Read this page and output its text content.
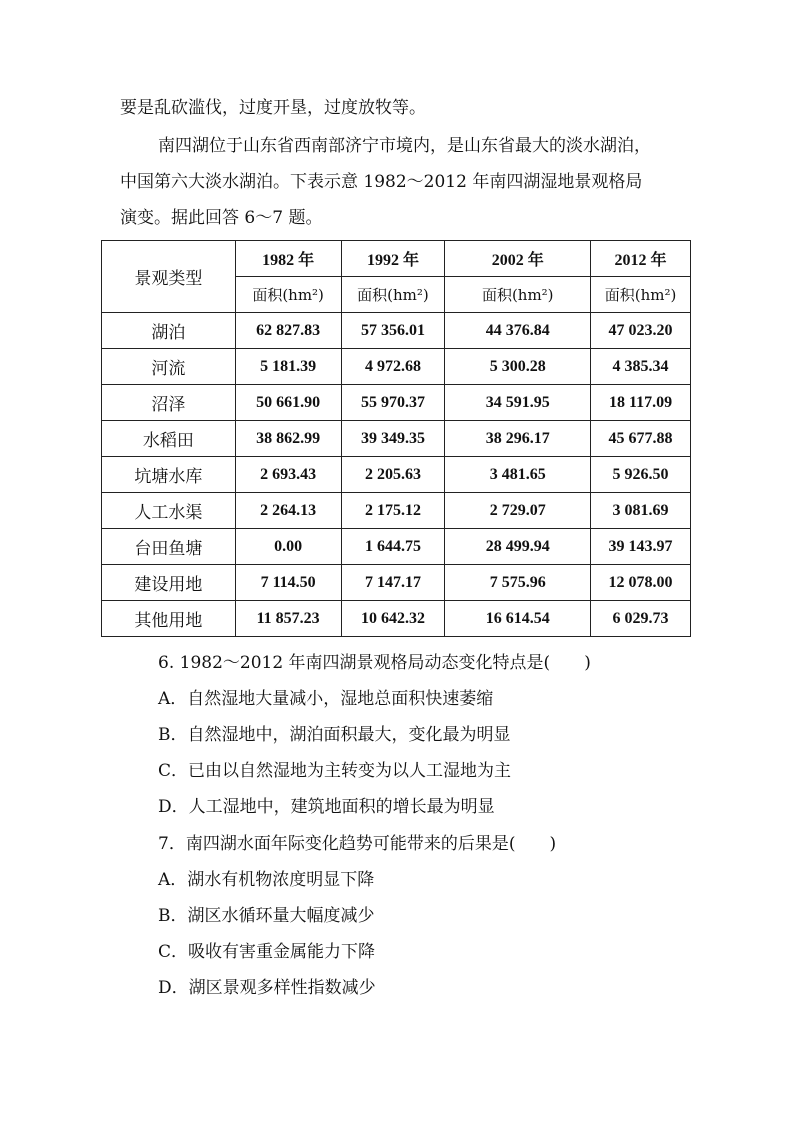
要是乱砍滥伐，过度开垦，过度放牧等。
南四湖位于山东省西南部济宁市境内，是山东省最大的淡水湖泊，
中国第六大淡水湖泊。下表示意 1982～2012 年南四湖湿地景观格局
演变。据此回答 6～7 题。
景观类型	1982 年	1992 年	2002 年	2012 年
	面积(hm²)	面积(hm²)	面积(hm²)	面积(hm²)
湖泊	62 827.83	57 356.01	44 376.84	47 023.20
河流	5 181.39	4 972.68	5 300.28	4 385.34
沼泽	50 661.90	55 970.37	34 591.95	18 117.09
水稻田	38 862.99	39 349.35	38 296.17	45 677.88
坑塘水库	2 693.43	2 205.63	3 481.65	5 926.50
人工水渠	2 264.13	2 175.12	2 729.07	3 081.69
台田鱼塘	0.00	1 644.75	28 499.94	39 143.97
建设用地	7 114.50	7 147.17	7 575.96	12 078.00
其他用地	11 857.23	10 642.32	16 614.54	6 029.73
6. 1982～2012 年南四湖景观格局动态变化特点是( )
A．自然湿地大量减小，湿地总面积快速萎缩
B．自然湿地中，湖泊面积最大，变化最为明显
C．已由以自然湿地为主转变为以人工湿地为主
D．人工湿地中，建筑地面积的增长最为明显
7．南四湖水面年际变化趋势可能带来的后果是( )
A．湖水有机物浓度明显下降
B．湖区水循环量大幅度减少
C．吸收有害重金属能力下降
D．湖区景观多样性指数减少
